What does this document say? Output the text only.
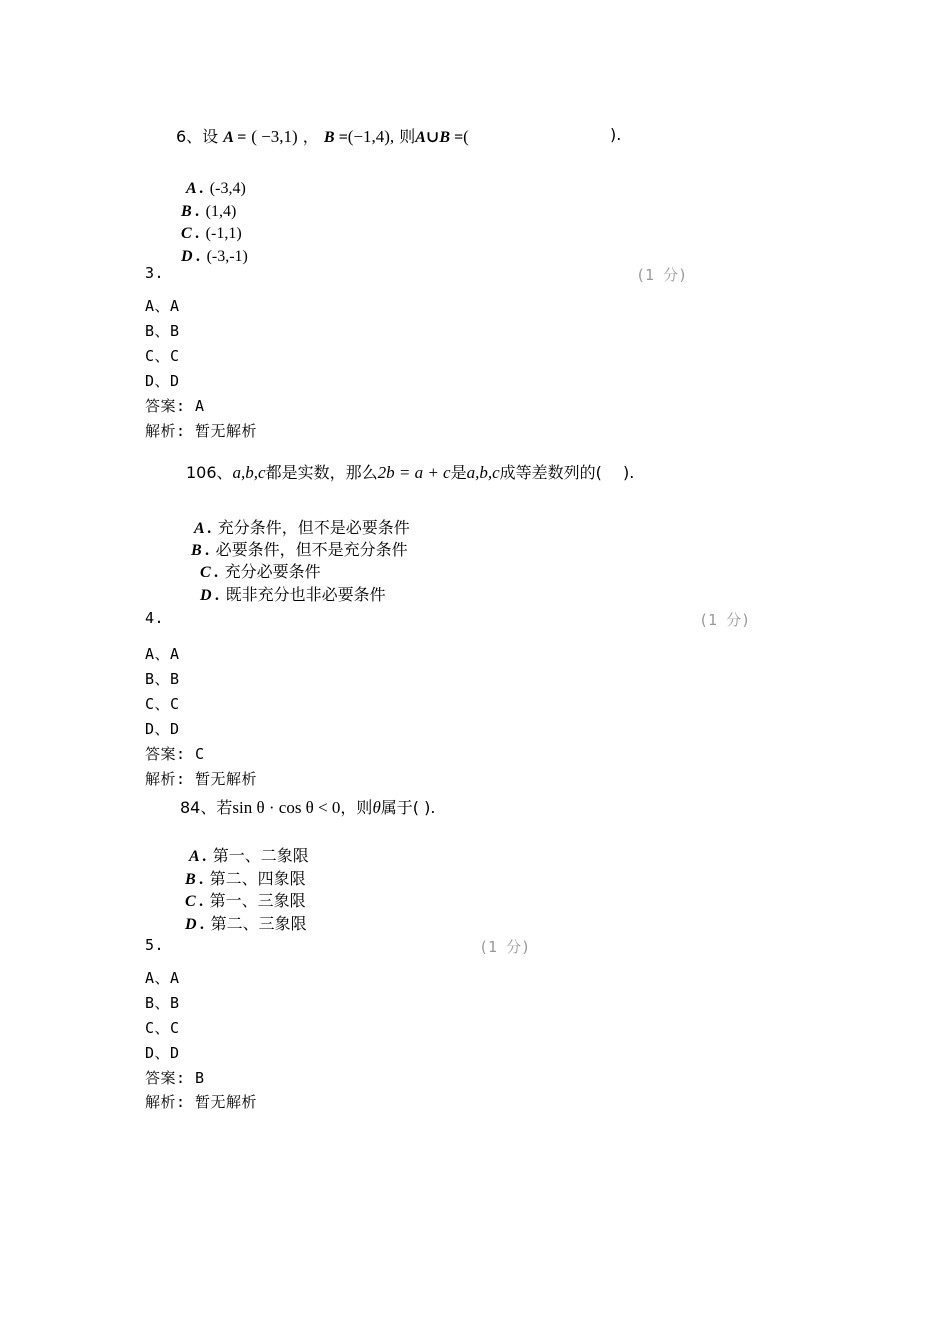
6、设 A = ( −3,1) ， B =(−1,4), 则A∪B =(	).
A . (-3,4)
B . (1,4)
C . (-1,1)
D . (-3,-1)
3.	(1 分)
A、A
B、B
C、C
D、D
答案: A
解析: 暂无解析
106、a,b,c都是实数，那么2b = a + c是a,b,c成等差数列的(　 ).
A . 充分条件，但不是必要条件
B . 必要条件，但不是充分条件
C . 充分必要条件
D . 既非充分也非必要条件
4.	(1 分)
A、A
B、B
C、C
D、D
答案: C
解析: 暂无解析
84、若sin θ · cos θ < 0，则θ属于( ).
A . 第一、二象限
B . 第二、四象限
C . 第一、三象限
D . 第二、三象限
5.	(1 分)
A、A
B、B
C、C
D、D
答案: B
解析: 暂无解析
